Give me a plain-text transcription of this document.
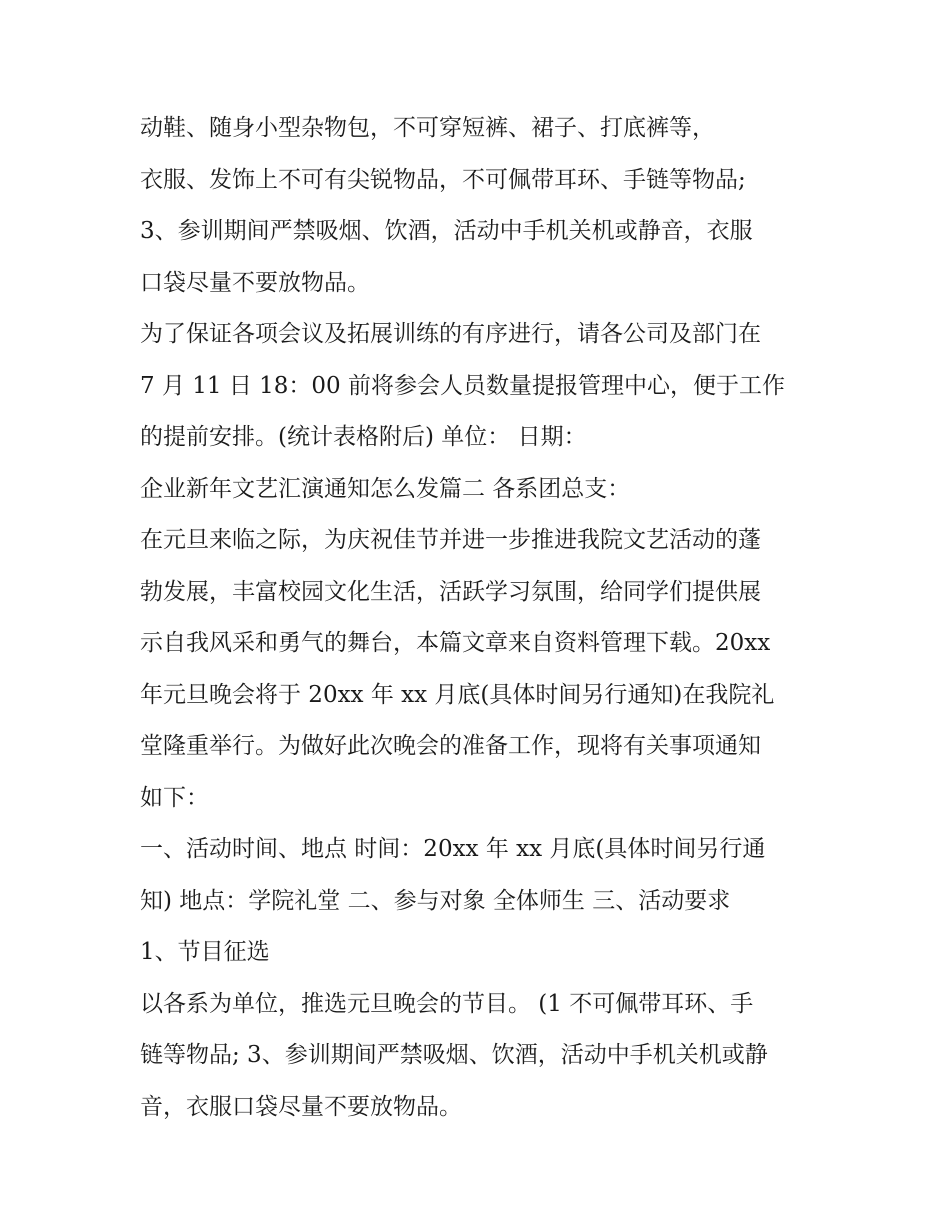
动鞋、随身小型杂物包，不可穿短裤、裙子、打底裤等，
衣服、发饰上不可有尖锐物品，不可佩带耳环、手链等物品;
3、参训期间严禁吸烟、饮酒，活动中手机关机或静音，衣服
口袋尽量不要放物品。
为了保证各项会议及拓展训练的有序进行，请各公司及部门在
7 月 11 日 18：00 前将参会人员数量提报管理中心，便于工作
的提前安排。(统计表格附后) 单位： 日期：
企业新年文艺汇演通知怎么发篇二 各系团总支：
在元旦来临之际，为庆祝佳节并进一步推进我院文艺活动的蓬
勃发展，丰富校园文化生活，活跃学习氛围，给同学们提供展
示自我风采和勇气的舞台，本篇文章来自资料管理下载。20xx
年元旦晚会将于 20xx 年 xx 月底(具体时间另行通知)在我院礼
堂隆重举行。为做好此次晚会的准备工作，现将有关事项通知
如下：
一、活动时间、地点 时间：20xx 年 xx 月底(具体时间另行通
知) 地点：学院礼堂 二、参与对象 全体师生 三、活动要求
1、节目征选
以各系为单位，推选元旦晚会的节目。 (1 不可佩带耳环、手
链等物品; 3、参训期间严禁吸烟、饮酒，活动中手机关机或静
音，衣服口袋尽量不要放物品。
